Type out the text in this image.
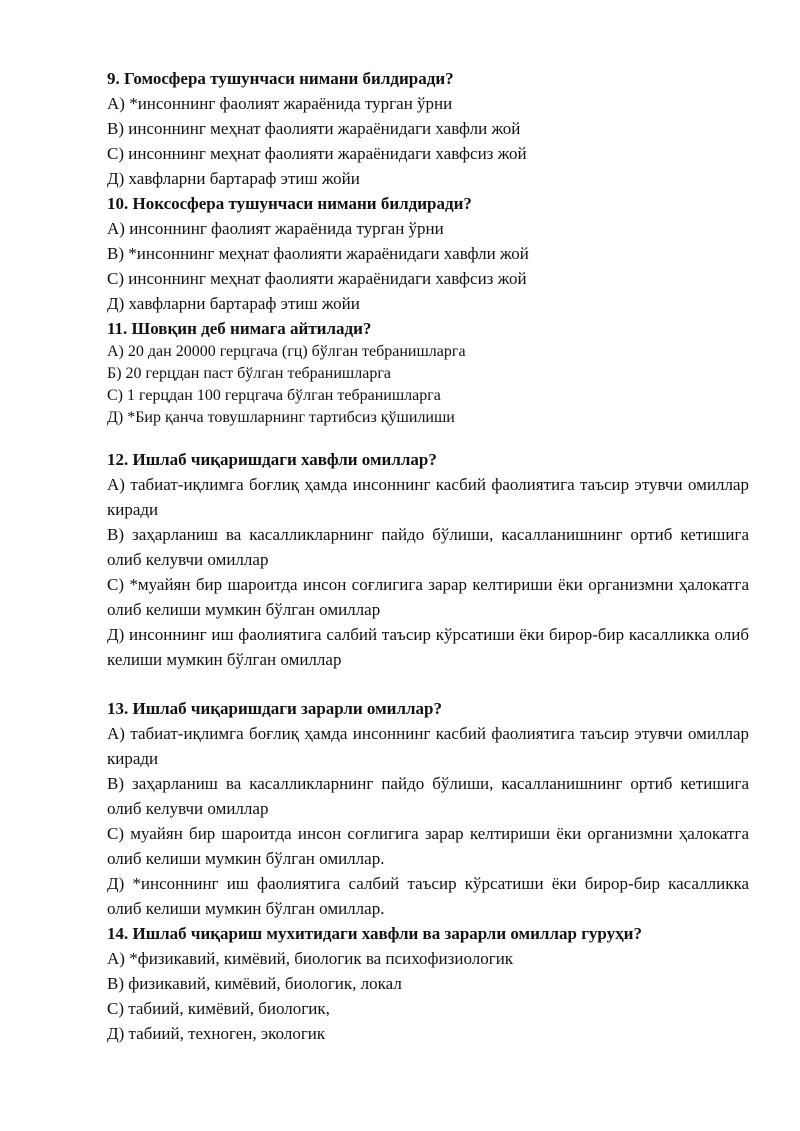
9. Гомосфера тушунчаси нимани билдиради?

А) *инсоннинг фаолият жараёнида турган ўрни

В) инсоннинг меҳнат фаолияти жараёнидаги хавфли жой

С) инсоннинг меҳнат фаолияти жараёнидаги хавфсиз жой

Д) хавфларни бартараф этиш жойи

10. Ноксосфера тушунчаси нимани билдиради?

А) инсоннинг фаолият жараёнида турган ўрни

В) *инсоннинг меҳнат фаолияти жараёнидаги хавфли жой

С) инсоннинг меҳнат фаолияти жараёнидаги хавфсиз жой

Д) хавфларни бартараф этиш жойи

11. Шовқин деб нимага айтилади?

А) 20 дан 20000 герцгача (гц) бўлган тебранишларга

Б) 20 герцдан паст бўлган тебранишларга

С) 1 герцдан 100 герцгача бўлган тебранишларга

Д) *Бир қанча товушларнинг тартибсиз қўшилиши

12. Ишлаб чиқаришдаги хавфли омиллар?

А) табиат-иқлимга боғлиқ ҳамда инсоннинг касбий фаолиятига таъсир этувчи омиллар киради

В) заҳарланиш ва касалликларнинг пайдо бўлиши, касалланишнинг ортиб кетишига олиб келувчи омиллар

С) *муайян бир шароитда инсон соғлигига зарар келтириши ёки организмни ҳалокатга олиб келиши мумкин бўлган омиллар

Д) инсоннинг иш фаолиятига салбий таъсир кўрсатиши ёки бирор-бир касалликка олиб келиши мумкин бўлган омиллар

13. Ишлаб чиқаришдаги зарарли омиллар?

А) табиат-иқлимга боғлиқ ҳамда инсоннинг касбий фаолиятига таъсир этувчи омиллар киради

В) заҳарланиш ва касалликларнинг пайдо бўлиши, касалланишнинг ортиб кетишига олиб келувчи омиллар

С) муайян бир шароитда инсон соғлигига зарар келтириши ёки организмни ҳалокатга олиб келиши мумкин бўлган омиллар.

Д) *инсоннинг иш фаолиятига салбий таъсир кўрсатиши ёки бирор-бир касалликка олиб келиши мумкин бўлган омиллар.

14. Ишлаб чиқариш мухитидаги хавфли ва зарарли омиллар гуруҳи?

А) *физикавий, кимёвий, биологик ва психофизиологик

В) физикавий, кимёвий, биологик, локал

С) табиий, кимёвий, биологик,

Д) табиий, техноген, экологик
